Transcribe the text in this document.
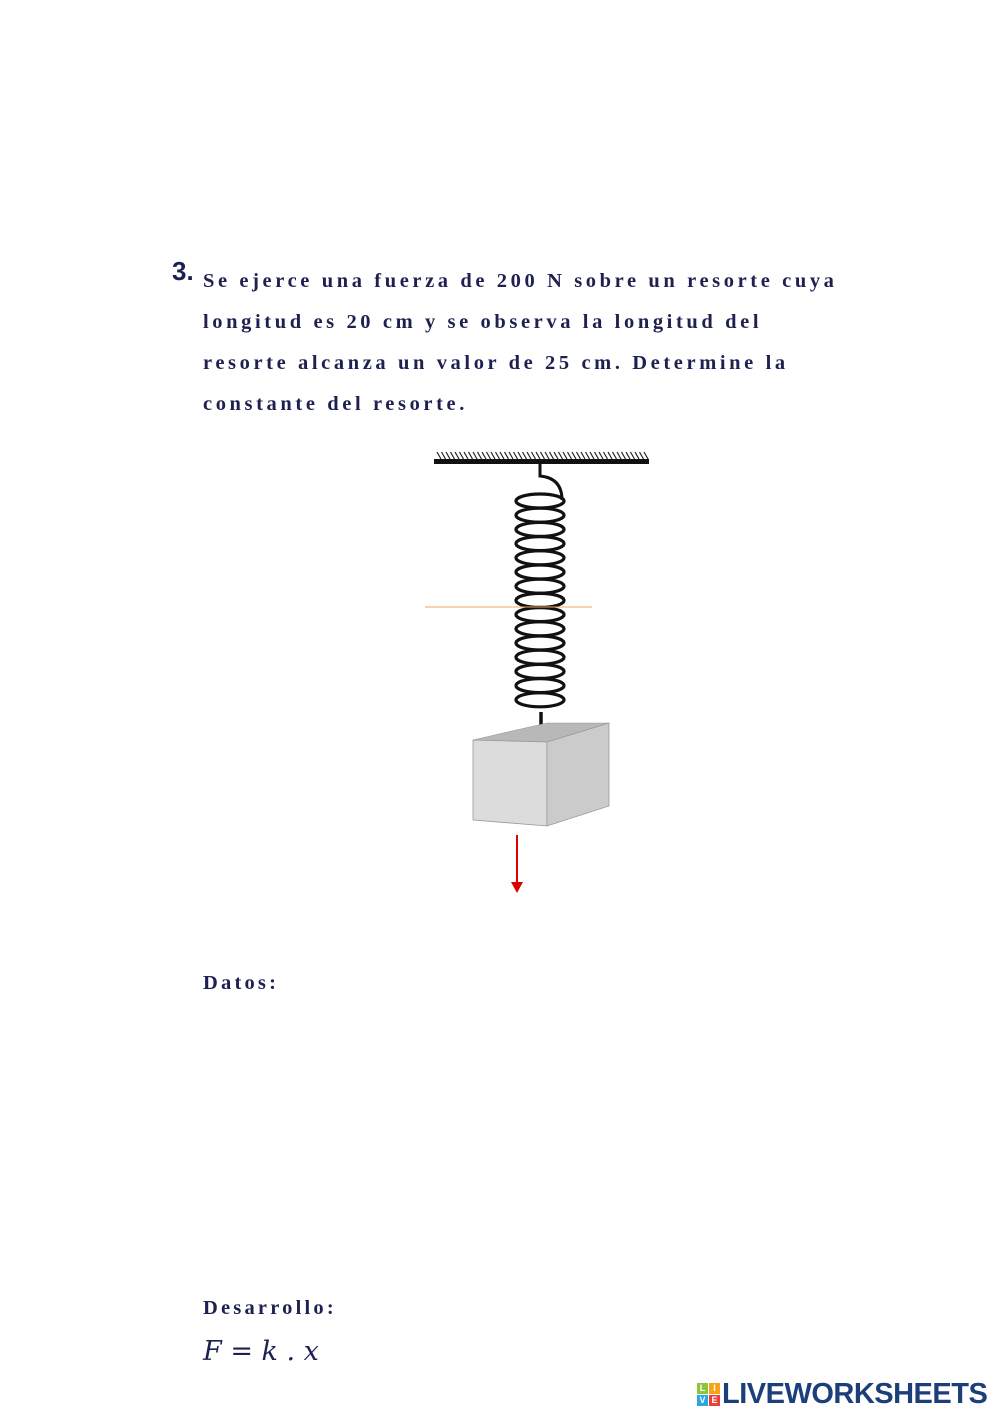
3. Se ejerce una fuerza de 200 N sobre un resorte cuya
longitud es 20 cm y se observa la longitud del
resorte alcanza un valor de 25 cm. Determine la
constante del resorte.
Datos:
Desarrollo:
F = k . x
L I
V E LIVEWORKSHEETS
